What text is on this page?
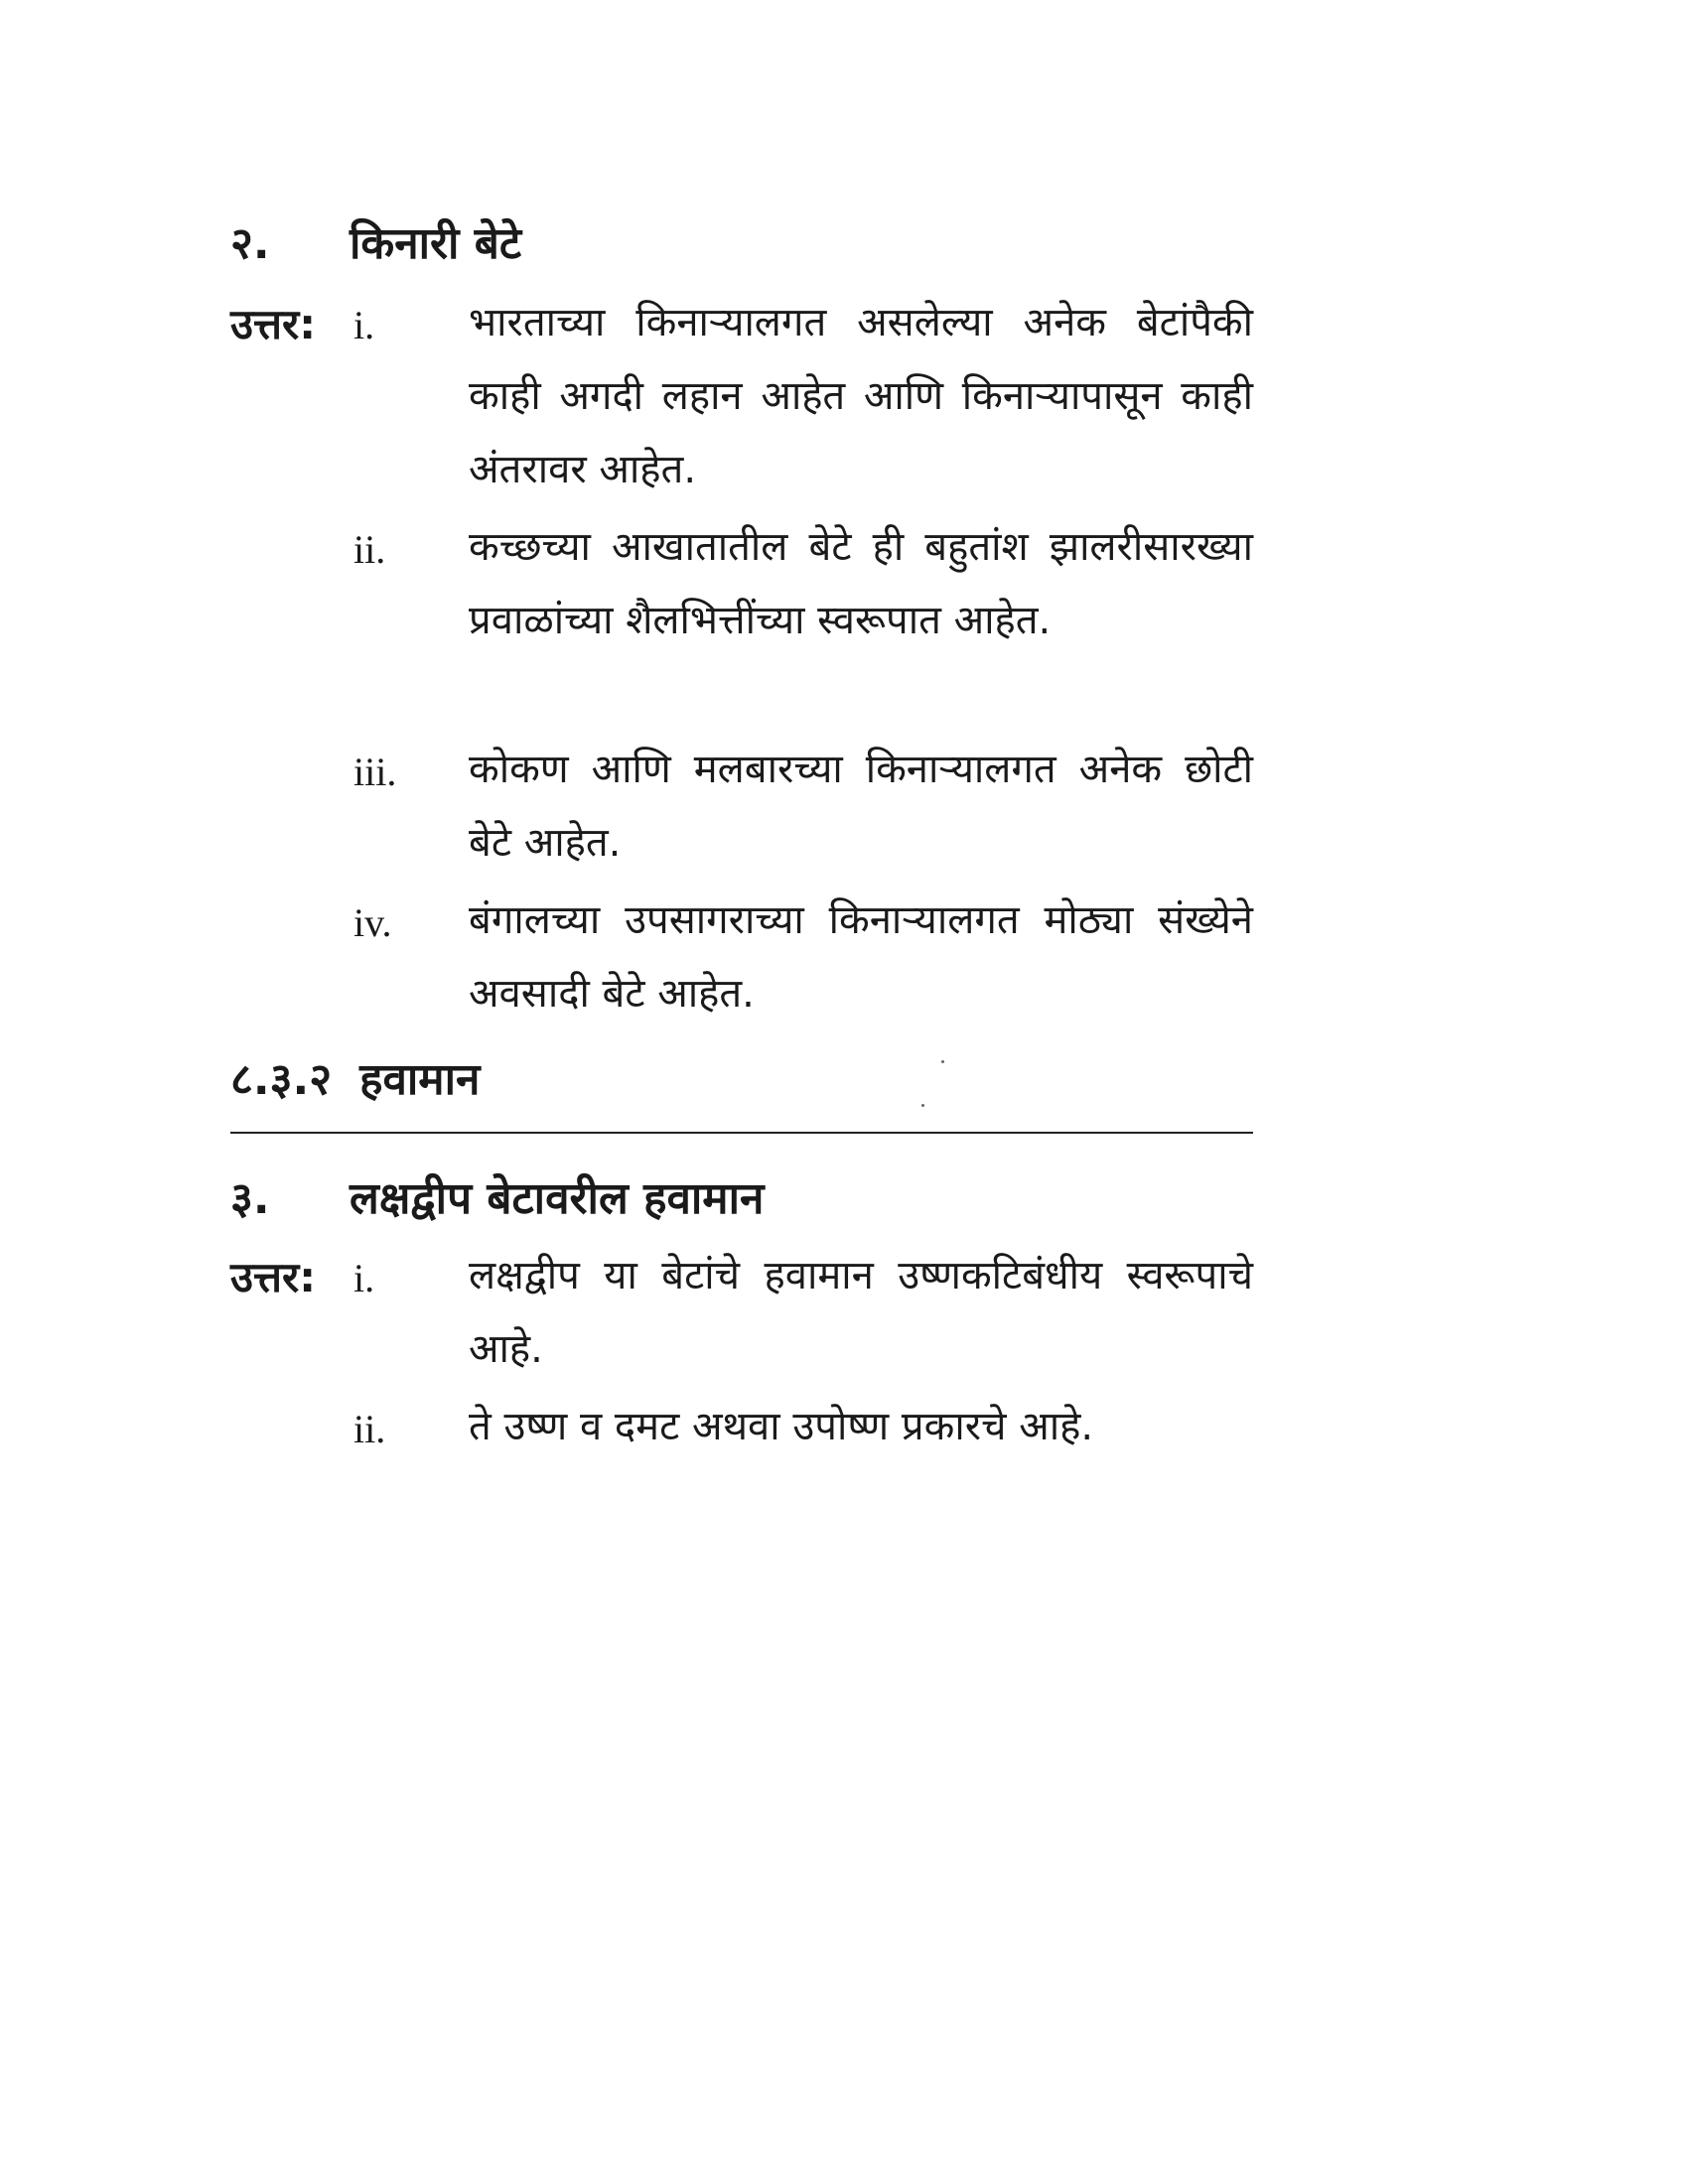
२. किनारी बेटे
उत्तर: i. भारताच्या किनाऱ्यालगत असलेल्या अनेक बेटांपैकी काही अगदी लहान आहेत आणि किनाऱ्यापासून काही अंतरावर आहेत.
ii. कच्छच्या आखातातील बेटे ही बहुतांश झालरीसारख्या प्रवाळांच्या शैलभित्तींच्या स्वरूपात आहेत.
iii. कोकण आणि मलबारच्या किनाऱ्यालगत अनेक छोटी बेटे आहेत.
iv. बंगालच्या उपसागराच्या किनाऱ्यालगत मोठ्या संख्येने अवसादी बेटे आहेत.
८.३.२ हवामान
३. लक्षद्वीप बेटावरील हवामान
उत्तर: i. लक्षद्वीप या बेटांचे हवामान उष्णकटिबंधीय स्वरूपाचे आहे.
ii. ते उष्ण व दमट अथवा उपोष्ण प्रकारचे आहे.
